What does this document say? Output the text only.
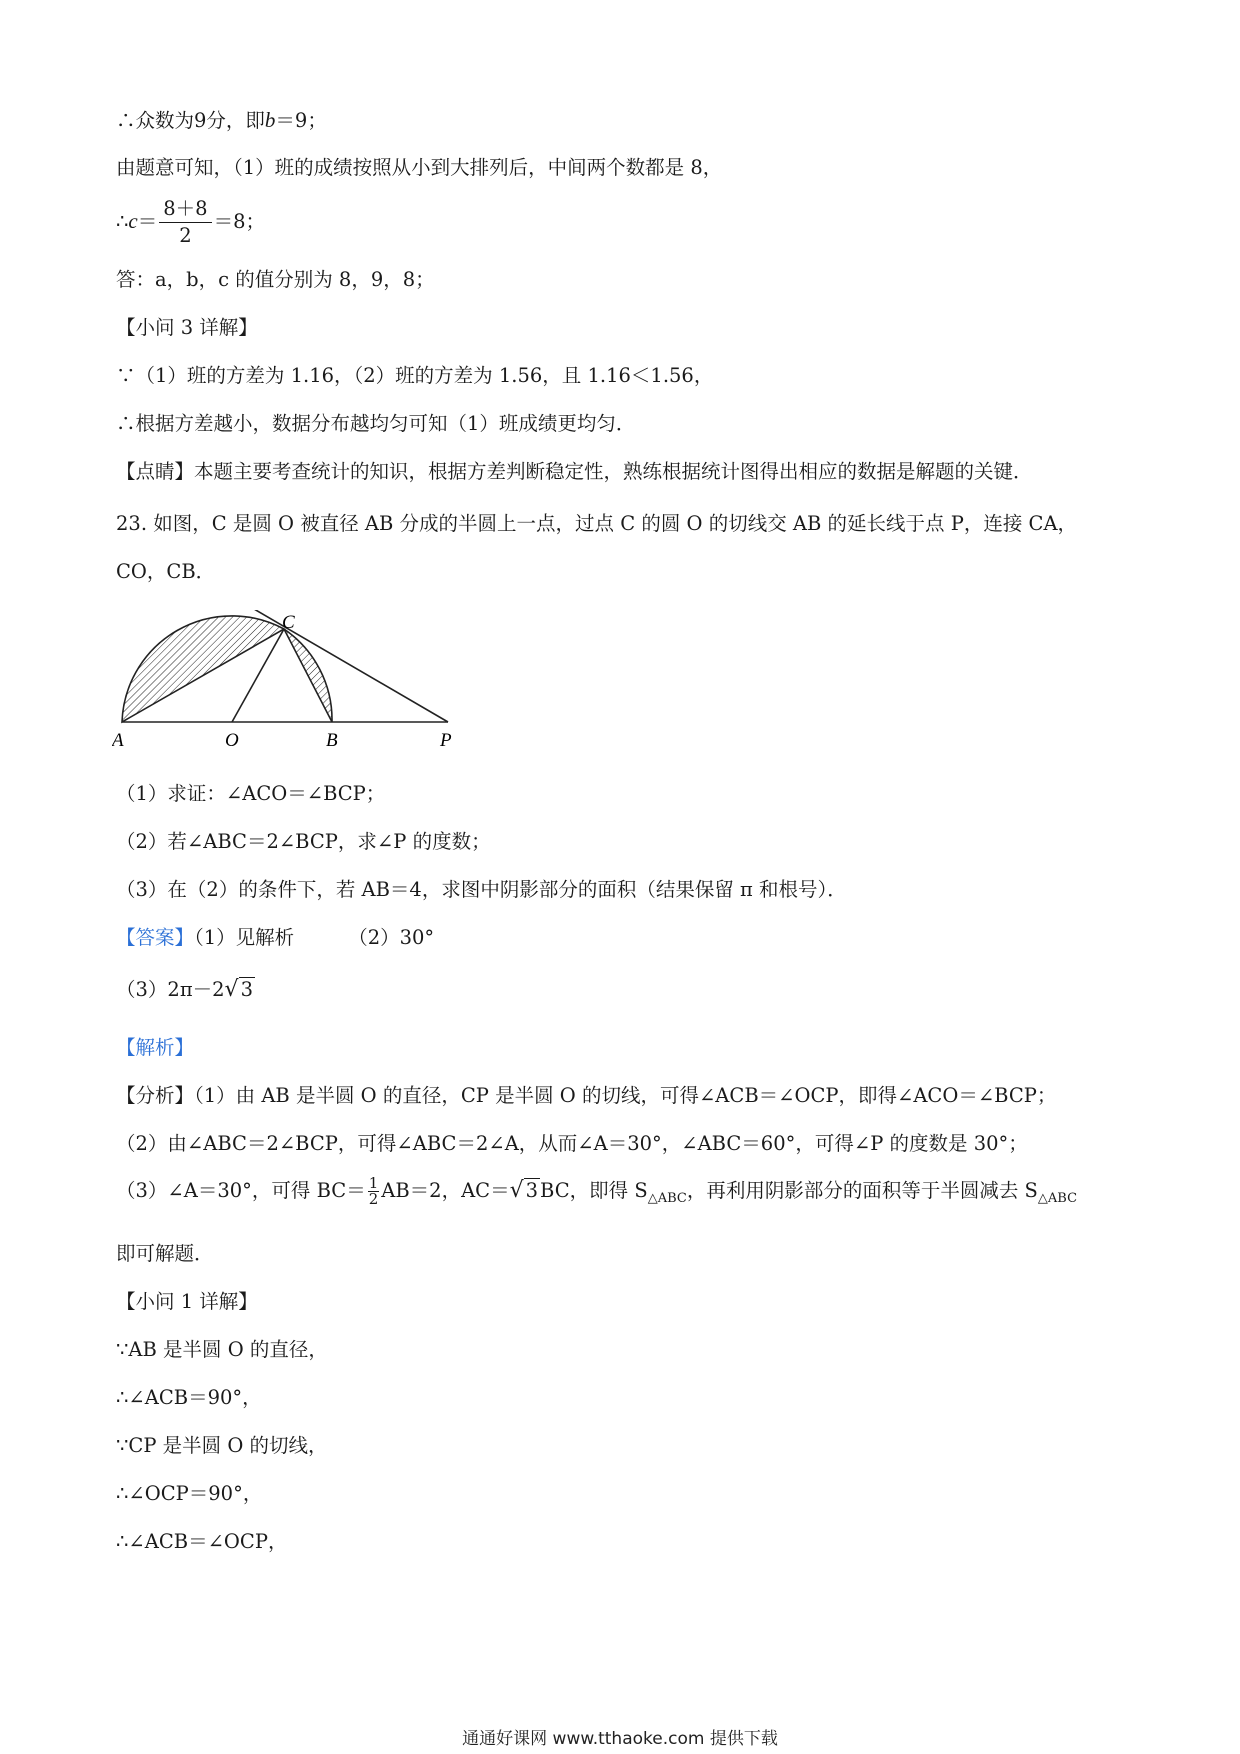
∴众数为9分，即b＝9；
由题意可知，（1）班的成绩按照从小到大排列后，中间两个数都是 8，
∴c＝ $\frac{8+8}{2} =8$；
答：a，b，c 的值分别为 8，9，8；
【小问 3 详解】
∵（1）班的方差为 1.16，（2）班的方差为 1.56，且 1.16＜1.56，
∴根据方差越小，数据分布越均匀可知（1）班成绩更均匀．
【点睛】本题主要考查统计的知识，根据方差判断稳定性，熟练根据统计图得出相应的数据是解题的关键．
23. 如图，C 是圆 O 被直径 AB 分成的半圆上一点，过点 C 的圆 O 的切线交 AB 的延长线于点 P，连接 CA，
CO，CB．
A	O	B	P
C
（1）求证：∠ACO＝∠BCP；
（2）若∠ABC＝2∠BCP，求∠P 的度数；
（3）在（2）的条件下，若 AB＝4，求图中阴影部分的面积（结果保留 π 和根号）．
【答案】（1）见解析	（2）30°
（3）2π－2√ 3
【解析】
【分析】（1）由 AB 是半圆 O 的直径，CP 是半圆 O 的切线，可得∠ACB＝∠OCP，即得∠ACO＝∠BCP；
（2）由∠ABC＝2∠BCP，可得∠ABC＝2∠A，从而∠A＝30°，∠ABC＝60°，可得∠P 的度数是 30°；
（3）∠A＝30°，可得 $BC= \frac{1}{2} AB=2$，AC＝√ 3 BC，即得 $S_{\triangle ABC}$，再利用阴影部分的面积等于半圆减去 $S_{\triangle ABC}$
即可解题．
【小问 1 详解】
∵AB 是半圆 O 的直径，
∴∠ACB＝90°，
∵CP 是半圆 O 的切线，
∴∠OCP＝90°，
∴∠ACB＝∠OCP，
通通好课网 www.tthaoke.com 提供下载
